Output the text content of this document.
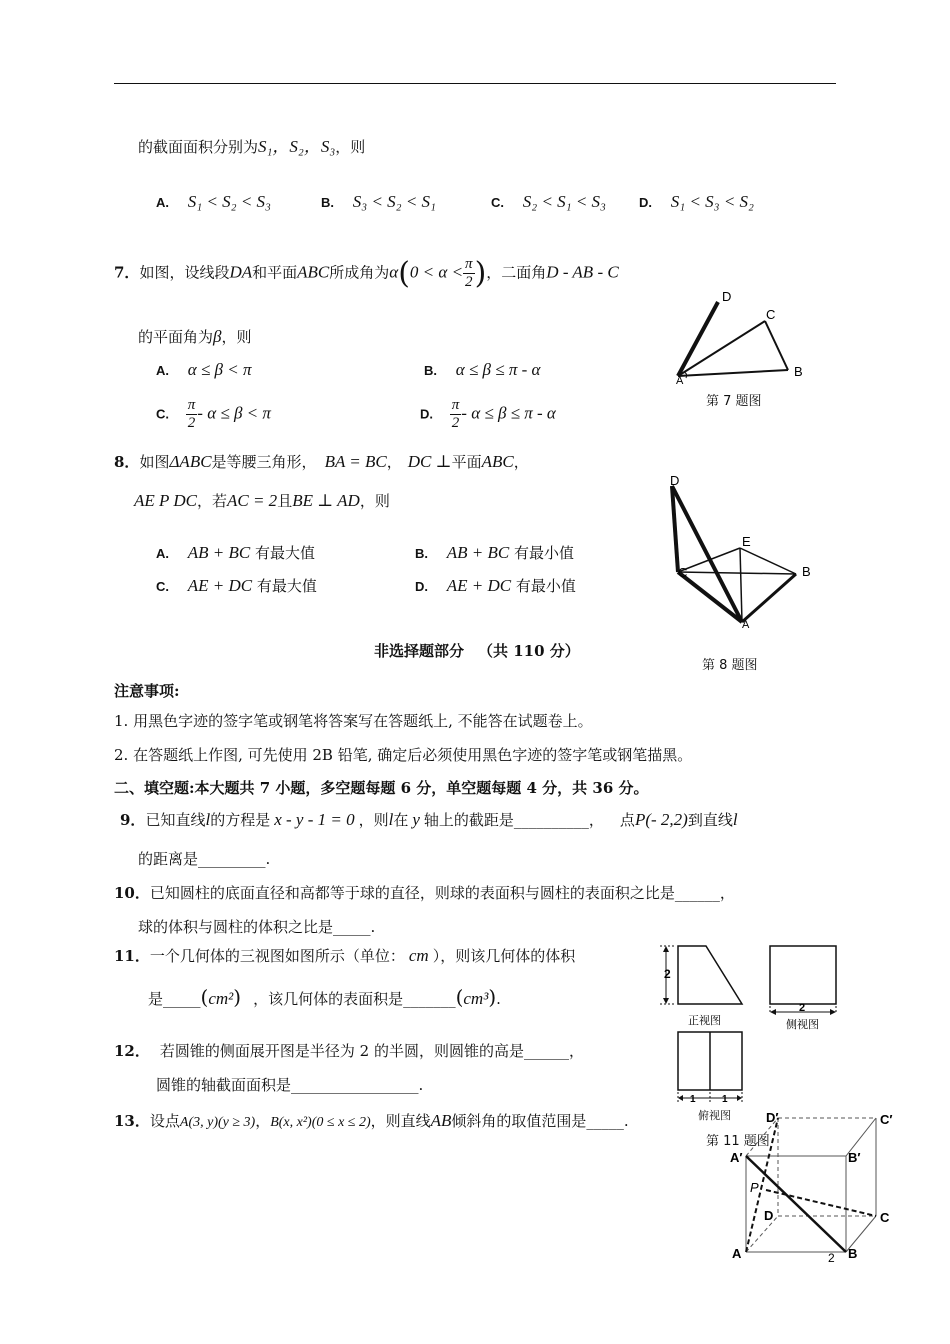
的截面面积分别为S₁，S₂，S₃，则
A. S₁ < S₂ < S₃	B. S₃ < S₂ < S₁	C. S₂ < S₁ < S₃	D. S₁ < S₃ < S₂
7．如图，设线段DA和平面ABC所成角为$\alpha(0 < \alpha < \frac{\pi}{2}$ )，二面角D - AB - C
的平面角为β，则
A. α ≤ β < π	B. α ≤ β ≤ π - α
C. $\frac{\pi}{2} - \alpha \le \beta < \pi$	D. $\frac{\pi}{2} - \alpha \le \beta \le \pi - \alpha$
D
C
A
B
第 7 题图
8．如图ΔABC是等腰三角形， BA = BC， DC ⊥平面ABC，
AE P DC，若AC = 2且BE ⊥ AD，则
A. AB + BC 有最大值	B. AB + BC 有最小值
C. AE + DC 有最大值	D. AE + DC 有最小值
D
E
C	B
A
第 8 题图
非选择题部分 （共 110 分）
注意事项:
1. 用黑色字迹的签字笔或钢笔将答案写在答题纸上, 不能答在试题卷上。
2. 在答题纸上作图, 可先使用 2B 铅笔, 确定后必须使用黑色字迹的签字笔或钢笔描黑。
二、填空题:本大题共 7 小题，多空题每题 6 分，单空题每题 4 分，共 36 分。
9．已知直线l的方程是 x - y - 1 = 0 ，则l在 y 轴上的截距是__________， 点P(- 2,2)到直线l
的距离是_________.
10．已知圆柱的底面直径和高都等于球的直径，则球的表面积与圆柱的表面积之比是______，
球的体积与圆柱的体积之比是_____.
11．一个几何体的三视图如图所示（单位： cm ），则该几何体的体积
是_____(cm²) ，该几何体的表面积是_______(cm³).
2
正视图
2
侧视图
1	1
俯视图
第 11 题图
12． 若圆锥的侧面展开图是半径为 2 的半圆，则圆锥的高是______，
圆锥的轴截面面积是_________________.
13．设点A(3, y)(y ≥ 3)，B(x, x²)(0 ≤ x ≤ 2)，则直线AB倾斜角的取值范围是_____.	D′	C′
A′	B′
P
D	C
A	B
2
